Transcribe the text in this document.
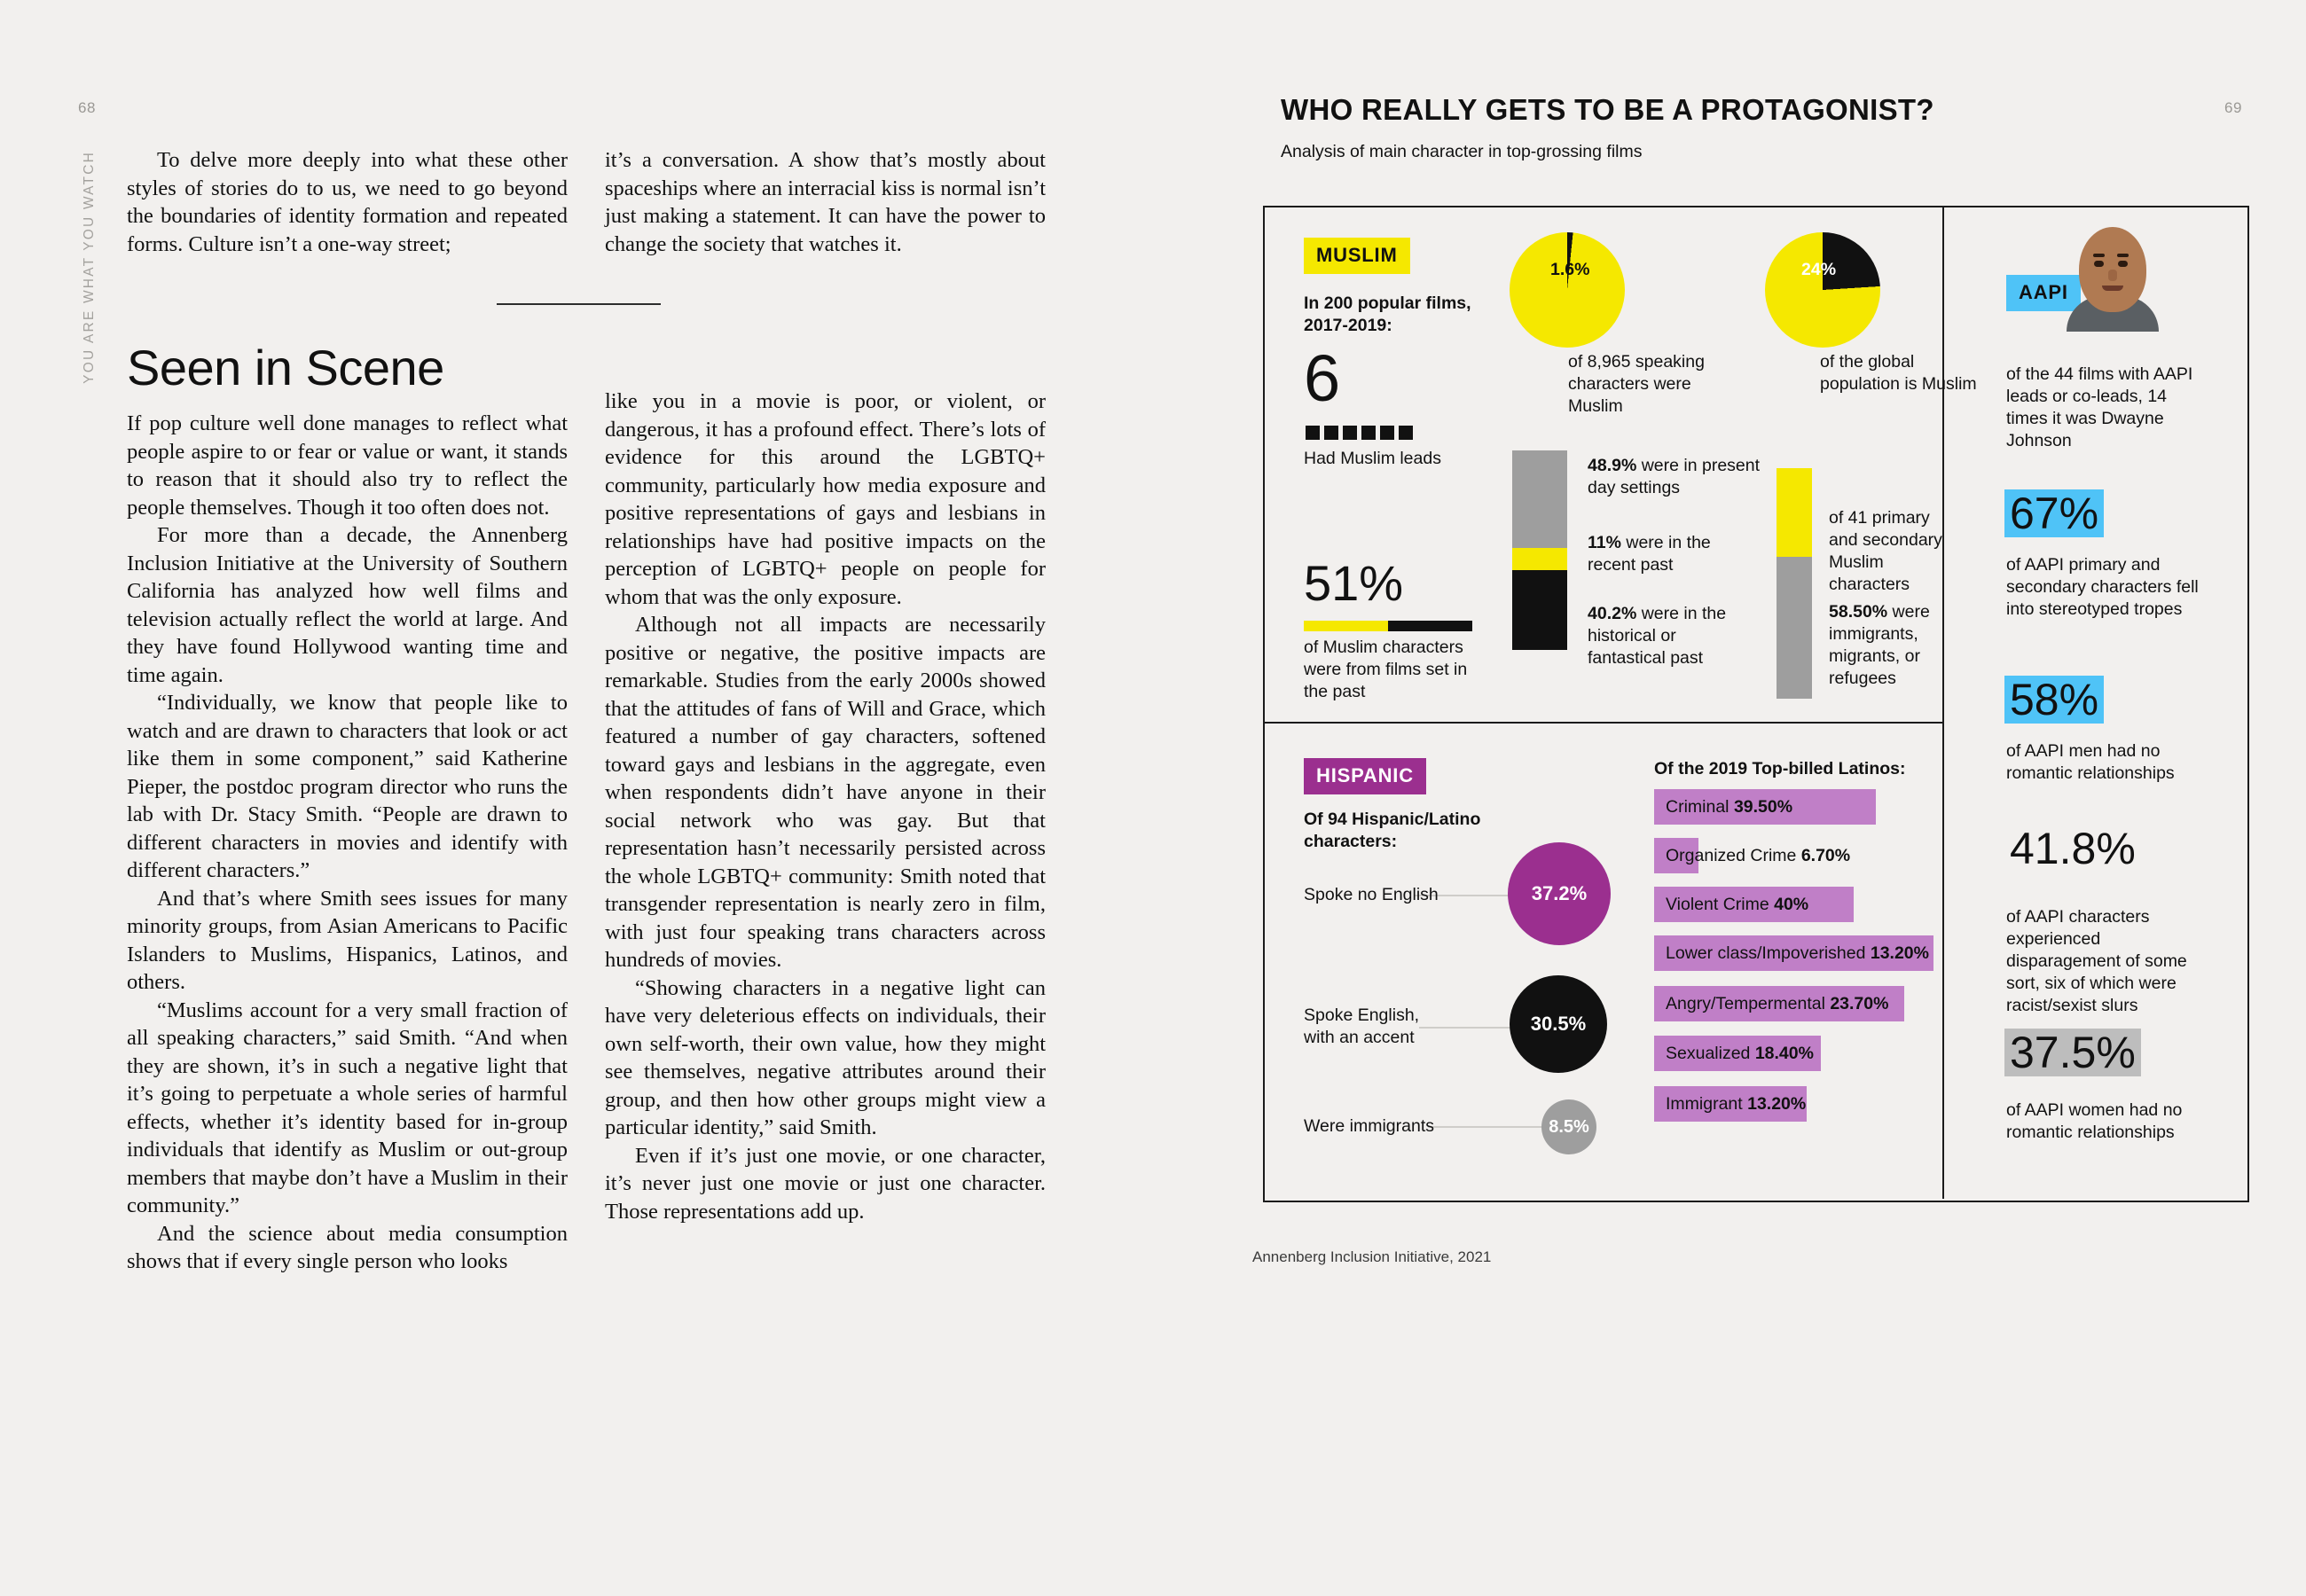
68
YOU ARE WHAT YOU WATCH	To delve more deeply into what these other styles of stories do to us, we need to go beyond the boundaries of identity formation and repeated forms. Culture isn’t a one-way street;

it’s a conversation. A show that’s mostly about spaceships where an interracial kiss is normal isn’t just making a statement. It can have the power to change the society that watches it.

Seen in Scene

If pop culture well done manages to reflect what people aspire to or fear or value or want, it stands to reason that it should also try to reflect the people themselves. Though it too often does not.

For more than a decade, the Annenberg Inclusion Initiative at the University of Southern California has analyzed how well films and television actually reflect the world at large. And they have found Hollywood wanting time and time again.

“Individually, we know that people like to watch and are drawn to characters that look or act like them in some component,” said Katherine Pieper, the postdoc program director who runs the lab with Dr. Stacy Smith. “People are drawn to different characters in movies and identify with different characters.”

And that’s where Smith sees issues for many minority groups, from Asian Americans to Pacific Islanders to Muslims, Hispanics, Latinos, and others.

“Muslims account for a very small fraction of all speaking characters,” said Smith. “And when they are shown, it’s in such a negative light that it’s going to perpetuate a whole series of harmful effects, whether it’s identity based for in-group individuals that identify as Muslim or out-group members that maybe don’t have a Muslim in their community.”

And the science about media consumption shows that if every single person who looks

like you in a movie is poor, or violent, or dangerous, it has a profound effect. There’s lots of evidence for this around the LGBTQ+ community, particularly how media exposure and positive representations of gays and lesbians in relationships have had positive impacts on the perception of LGBTQ+ people on people for whom that was the only exposure.

Although not all impacts are necessarily positive or negative, the positive impacts are remarkable. Studies from the early 2000s showed that the attitudes of fans of Will and Grace, which featured a number of gay characters, softened toward gays and lesbians in the aggregate, even when respondents didn’t have anyone in their social network who was gay. But that representation hasn’t necessarily persisted across the whole LGBTQ+ community: Smith noted that transgender representation is nearly zero in film, with just four speaking trans characters across hundreds of movies.

“Showing characters in a negative light can have very deleterious effects on individuals, their own self-worth, their own value, how they might see themselves, negative attributes around their group, and then how other groups might view a particular identity,” said Smith.

Even if it’s just one movie, or one character, it’s never just one movie or just one character. Those representations add up.

69
WHO REALLY GETS TO BE A PROTAGONIST?
Analysis of main character in top-grossing films
Annenberg Inclusion Initiative, 2021
MUSLIM
In 200 popular films, 2017-2019:
6
Had Muslim leads
51%
of Muslim characters were from films set in the past
1.6%
of 8,965 speaking characters were Muslim
24%
of the global population is Muslim
48.9% were in present day settings
11% were in the recent past
40.2% were in the historical or fantastical past
of 41 primary and secondary Muslim characters
58.50% were immigrants, migrants, or refugees
HISPANIC
Of 94 Hispanic/Latino characters:
Spoke no English
Spoke English, with an accent
Were immigrants
37.2%
30.5%
8.5%
Of the 2019 Top-billed Latinos:
Criminal 39.50%
Organized Crime 6.70%
Violent Crime 40%
Lower class/Impoverished 13.20%
Angry/Tempermental 23.70%
Sexualized 18.40%
Immigrant 13.20%
AAPI
of the 44 films with AAPI leads or co-leads, 14 times it was Dwayne Johnson
67%
of AAPI primary and secondary characters fell into stereotyped tropes
58%
of AAPI men had no romantic relationships
41.8%
of AAPI characters experienced disparagement of some sort, six of which were racist/sexist slurs
37.5%
of AAPI women had no romantic relationships
